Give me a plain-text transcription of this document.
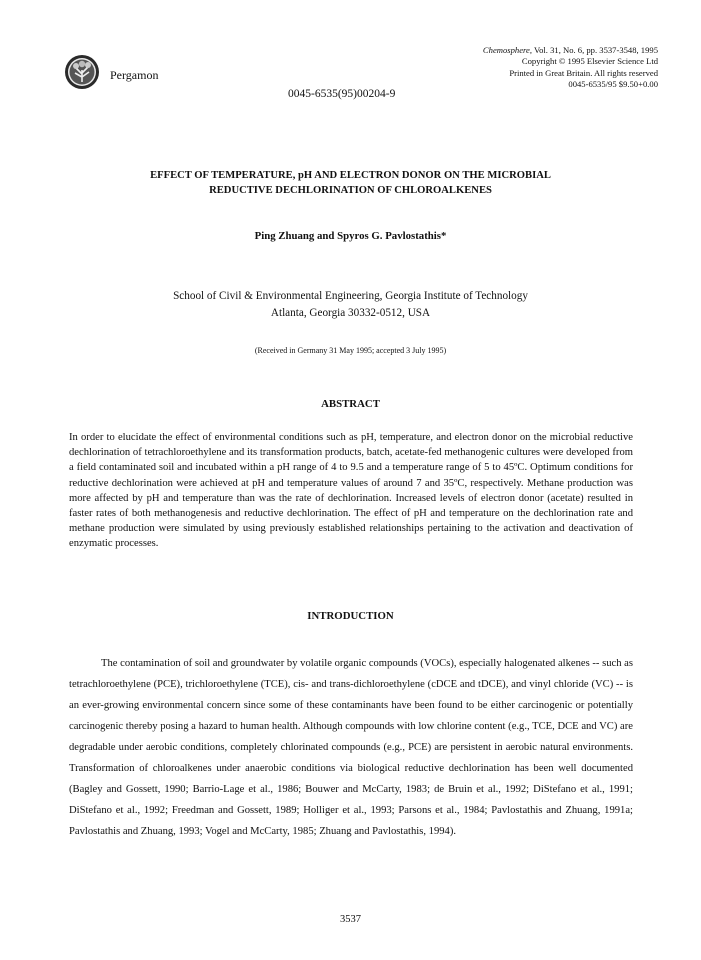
Pergamon
0045-6535(95)00204-9
Chemosphere, Vol. 31, No. 6, pp. 3537-3548, 1995
Copyright © 1995 Elsevier Science Ltd
Printed in Great Britain. All rights reserved
0045-6535/95 $9.50+0.00
EFFECT OF TEMPERATURE, pH AND ELECTRON DONOR ON THE MICROBIAL
REDUCTIVE DECHLORINATION OF CHLOROALKENES
Ping Zhuang and Spyros G. Pavlostathis*
School of Civil & Environmental Engineering, Georgia Institute of Technology
Atlanta, Georgia 30332-0512, USA
(Received in Germany 31 May 1995; accepted 3 July 1995)
ABSTRACT
In order to elucidate the effect of environmental conditions such as pH, temperature, and electron donor on the microbial reductive dechlorination of tetrachloroethylene and its transformation products, batch, acetate-fed methanogenic cultures were developed from a field contaminated soil and incubated within a pH range of 4 to 9.5 and a temperature range of 5 to 45ºC. Optimum conditions for reductive dechlorination were achieved at pH and temperature values of around 7 and 35ºC, respectively. Methane production was more affected by pH and temperature than was the rate of dechlorination. Increased levels of electron donor (acetate) resulted in faster rates of both methanogenesis and reductive dechlorination. The effect of pH and temperature on the dechlorination rate and methane production were simulated by using previously established relationships pertaining to the activation and deactivation of enzymatic processes.
INTRODUCTION
The contamination of soil and groundwater by volatile organic compounds (VOCs), especially halogenated alkenes -- such as tetrachloroethylene (PCE), trichloroethylene (TCE), cis- and trans-dichloroethylene (cDCE and tDCE), and vinyl chloride (VC) -- is an ever-growing environmental concern since some of these contaminants have been found to be either carcinogenic or potentially carcinogenic thereby posing a hazard to human health. Although compounds with low chlorine content (e.g., TCE, DCE and VC) are degradable under aerobic conditions, completely chlorinated compounds (e.g., PCE) are persistent in aerobic natural environments. Transformation of chloroalkenes under anaerobic conditions via biological reductive dechlorination has been well documented (Bagley and Gossett, 1990; Barrio-Lage et al., 1986; Bouwer and McCarty, 1983; de Bruin et al., 1992; DiStefano et al., 1991; DiStefano et al., 1992; Freedman and Gossett, 1989; Holliger et al., 1993; Parsons et al., 1984; Pavlostathis and Zhuang, 1991a; Pavlostathis and Zhuang, 1993; Vogel and McCarty, 1985; Zhuang and Pavlostathis, 1994).
3537
